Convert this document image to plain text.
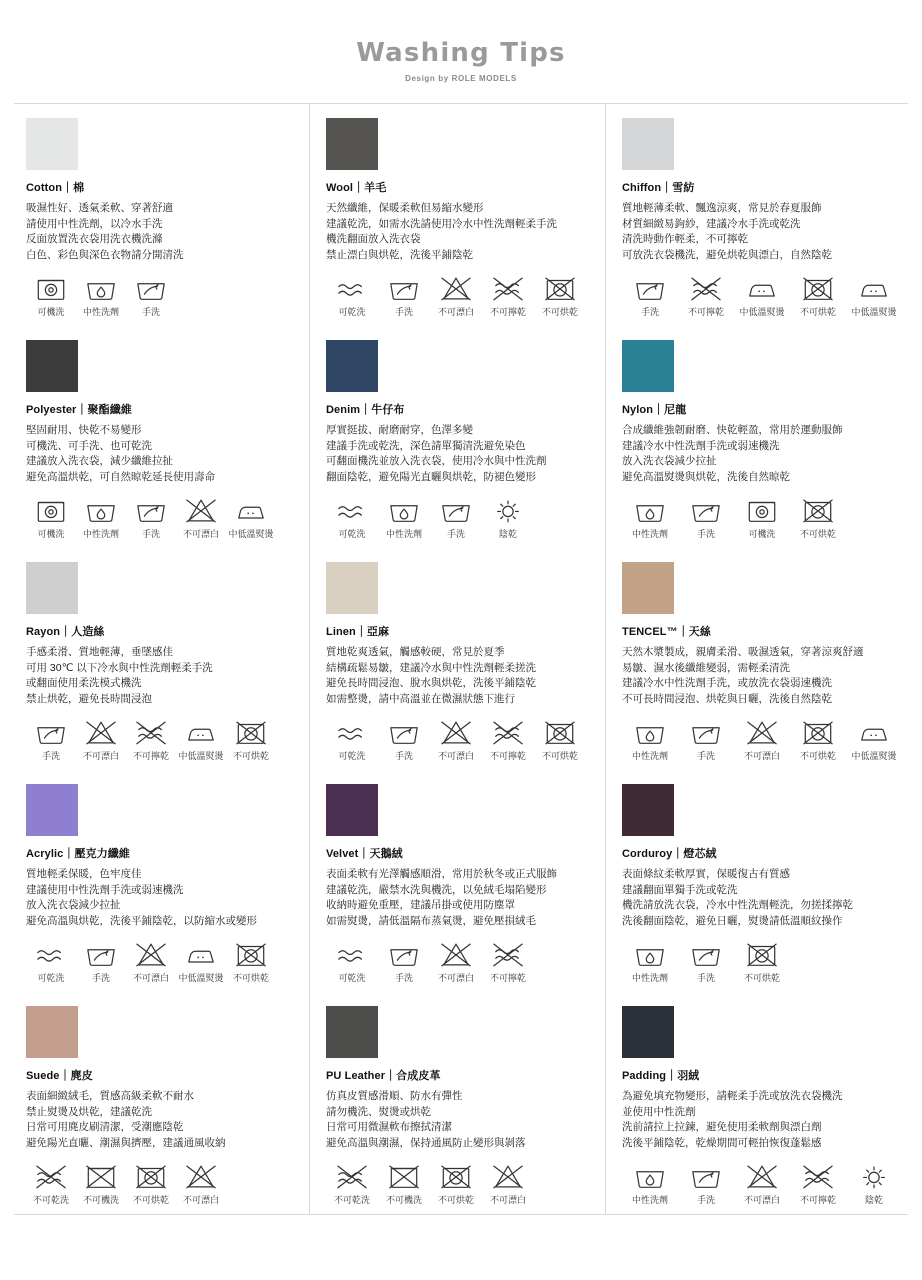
Washing Tips
Design by ROLE MODELS
Cotton｜棉
吸濕性好、透氣柔軟、穿著舒適
請使用中性洗劑，以冷水手洗
反面放置洗衣袋用洗衣機洗滌
白色、彩色與深色衣物請分開清洗
可機洗 中性洗劑	手洗
Polyester｜聚酯纖維
堅固耐用、快乾不易變形
可機洗、可手洗、也可乾洗
建議放入洗衣袋，減少纖維拉扯
避免高溫烘乾，可自然晾乾延長使用壽命
可機洗 中性洗劑	手洗	不可漂白 中低溫熨燙
Rayon｜人造絲
手感柔滑、質地輕薄，垂墜感佳
可用 30℃ 以下冷水與中性洗劑輕柔手洗
或翻面使用柔洗模式機洗
禁止烘乾，避免長時間浸泡
手洗	不可漂白 不可擰乾 中低溫熨燙 不可烘乾
Acrylic｜壓克力纖維
質地輕柔保暖，色牢度佳
建議使用中性洗劑手洗或弱速機洗
放入洗衣袋減少拉扯
避免高溫與烘乾，洗後平鋪陰乾，以防縮水或變形
可乾洗	手洗	不可漂白 中低溫熨燙 不可烘乾
Suede｜麂皮
表面細緻絨毛，質感高級柔軟不耐水
禁止熨燙及烘乾，建議乾洗
日常可用麂皮刷清潔，受潮應陰乾
避免陽光直曬、潮濕與擠壓，建議通風收納
不可乾洗 不可機洗 不可烘乾 不可漂白
Wool｜羊毛
天然纖維，保暖柔軟但易縮水變形
建議乾洗，如需水洗請使用冷水中性洗劑輕柔手洗
機洗翻面放入洗衣袋
禁止漂白與烘乾，洗後平鋪陰乾
可乾洗	手洗	不可漂白 不可擰乾 不可烘乾
Denim｜牛仔布
厚實挺拔、耐磨耐穿，色澤多變
建議手洗或乾洗，深色請單獨清洗避免染色
可翻面機洗並放入洗衣袋，使用冷水與中性洗劑
翻面陰乾，避免陽光直曬與烘乾，防褪色變形
可乾洗 中性洗劑	手洗	陰乾
Linen｜亞麻
質地乾爽透氣，觸感較硬，常見於夏季
結構疏鬆易皺，建議冷水與中性洗劑輕柔搓洗
避免長時間浸泡、脫水與烘乾，洗後平鋪陰乾
如需整燙，請中高溫並在微濕狀態下進行
可乾洗	手洗	不可漂白 不可擰乾 不可烘乾
Velvet｜天鵝絨
表面柔軟有光澤觸感順滑，常用於秋冬或正式服飾
建議乾洗，嚴禁水洗與機洗，以免絨毛塌陷變形
收納時避免重壓，建議吊掛或使用防塵罩
如需熨燙，請低溫隔布蒸氣燙，避免壓損絨毛
可乾洗	手洗	不可漂白 不可擰乾
PU Leather｜合成皮革
仿真皮質感滑順、防水有彈性
請勿機洗、熨燙或烘乾
日常可用微濕軟布擦拭清潔
避免高溫與潮濕，保持通風防止變形與剝落
不可乾洗 不可機洗 不可烘乾 不可漂白
Chiffon｜雪紡
質地輕薄柔軟、飄逸涼爽，常見於春夏服飾
材質細緻易鉤紗，建議冷水手洗或乾洗
清洗時動作輕柔，不可擰乾
可放洗衣袋機洗，避免烘乾與漂白，自然陰乾
手洗	不可擰乾 中低溫熨燙 不可烘乾 中低溫熨燙
Nylon｜尼龍
合成纖維強韌耐磨、快乾輕盈，常用於運動服飾
建議冷水中性洗劑手洗或弱速機洗
放入洗衣袋減少拉扯
避免高溫熨燙與烘乾，洗後自然晾乾
中性洗劑	手洗	可機洗	不可烘乾
TENCEL™｜天絲
天然木漿製成，親膚柔滑、吸濕透氣，穿著涼爽舒適
易皺、濕水後纖維變弱，需輕柔清洗
建議冷水中性洗劑手洗，或放洗衣袋弱速機洗
不可長時間浸泡、烘乾與日曬，洗後自然陰乾
中性洗劑	手洗	不可漂白 不可烘乾 中低溫熨燙
Corduroy｜燈芯絨
表面條紋柔軟厚實，保暖復古有質感
建議翻面單獨手洗或乾洗
機洗請放洗衣袋，冷水中性洗劑輕洗，勿搓揉擰乾
洗後翻面陰乾，避免日曬，熨燙請低溫順紋操作
中性洗劑	手洗	不可烘乾
Padding｜羽絨
為避免填充物變形，請輕柔手洗或放洗衣袋機洗
並使用中性洗劑
洗前請拉上拉鍊，避免使用柔軟劑與漂白劑
洗後平鋪陰乾，乾燥期間可輕拍恢復蓬鬆感
中性洗劑	手洗	不可漂白 不可擰乾	陰乾
